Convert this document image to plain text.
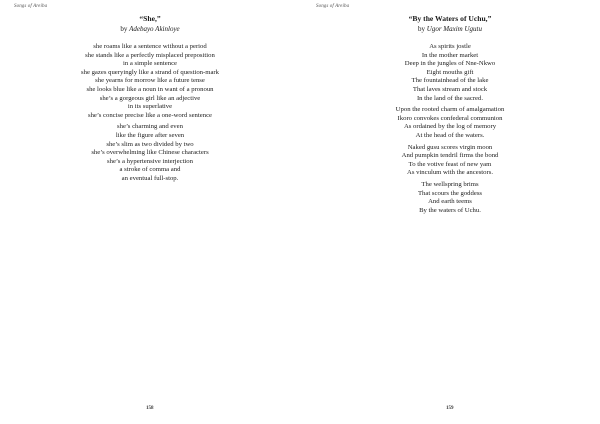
Songs of Areiba

“She,”

by Adebayo Akinloye

she roams like a sentence without a period
she stands like a perfectly misplaced preposition
in a simple sentence
she gazes queryingly like a strand of question-mark
she yearns for morrow like a future tense
she looks blue like a noun in want of a pronoun
she’s a gorgeous girl like an adjective
in its superlative
she’s concise precise like a one-word sentence
she’s charming and even
like the figure after seven
she’s slim as two divided by two
she’s overwhelming like Chinese characters
she’s a hypertensive interjection
a stroke of comma and
an eventual full-stop.
158
Songs of Areiba

“By the Waters of Uchu,”

by Ugor Maxim Ugutu

As spirits jostle
In the mother market
Deep in the jungles of Nne-Nkwo
Eight mouths gift
The fountainhead of the lake
That laves stream and stock
In the land of the sacred.
Upon the rooted charm of amalgamation
Ikoro convokes confederal communion
As ordained by the log of memory
At the head of the waters.
Naked gusu scores virgin moon
And pumpkin tendril firms the bond
To the votive feast of new yam
As vinculum with the ancestors.
The wellspring brims
That scours the goddess
And earth teems
By the waters of Uchu.
159
